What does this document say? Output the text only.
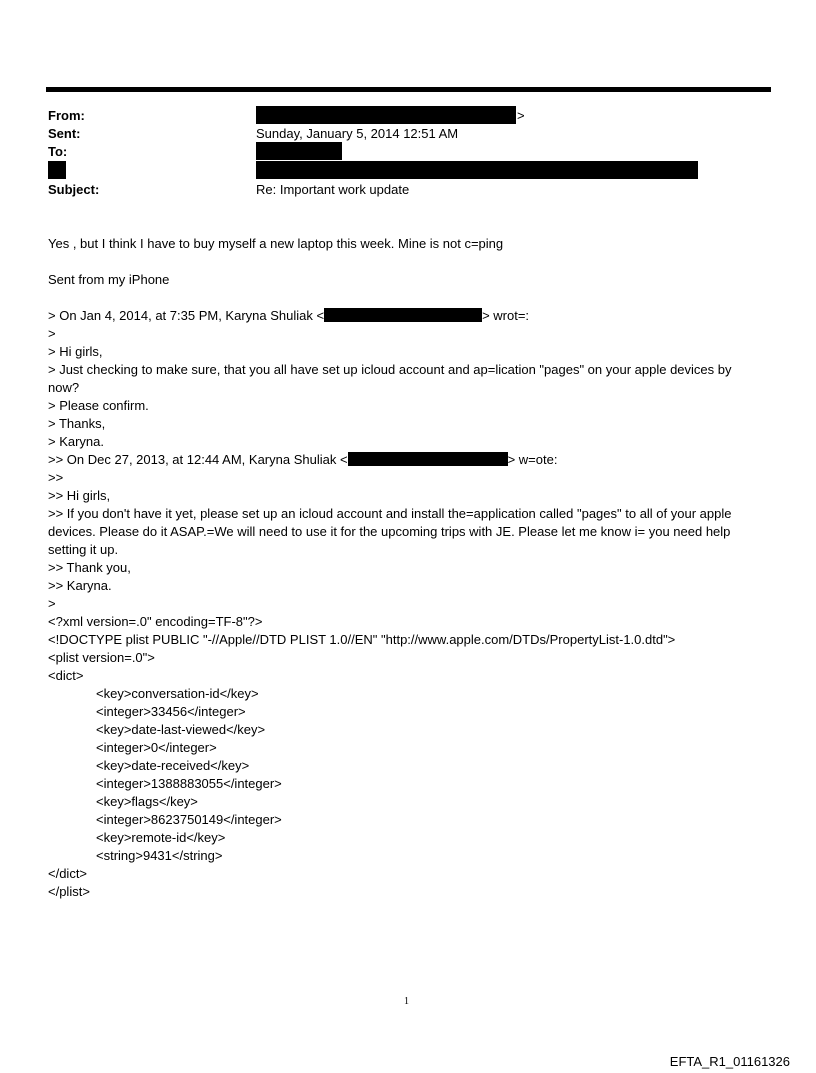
From:	>
Sent:	Sunday, January 5, 2014 12:51 AM
To:
Subject:	Re: Important work update
Yes , but I think I have to buy myself a new laptop this week. Mine is not c=ping
Sent from my iPhone
> On Jan 4, 2014, at 7:35 PM, Karyna Shuliak <	> wrot=:
>
> Hi girls,
> Just checking to make sure, that you all have set up icloud account and ap=lication "pages" on your apple devices by
now?
> Please confirm.
> Thanks,
> Karyna.
>> On Dec 27, 2013, at 12:44 AM, Karyna Shuliak <	> w=ote:
>>
>> Hi girls,
>> If you don't have it yet, please set up an icloud account and install the=application called "pages" to all of your apple
devices. Please do it ASAP.=We will need to use it for the upcoming trips with JE. Please let me know i= you need help
setting it up.
>> Thank you,
>> Karyna.
>
<?xml version=.0" encoding=TF-8"?>
<!DOCTYPE plist PUBLIC "-//Apple//DTD PLIST 1.0//EN" "http://www.apple.com/DTDs/PropertyList-1.0.dtd">
<plist version=.0">
<dict>
<key>conversation-id</key>
<integer>33456</integer>
<key>date-last-viewed</key>
<integer>0</integer>
<key>date-received</key>
<integer>1388883055</integer>
<key>flags</key>
<integer>8623750149</integer>
<key>remote-id</key>
<string>9431</string>
</dict>
</plist>
1
EFTA_R1_01161326
